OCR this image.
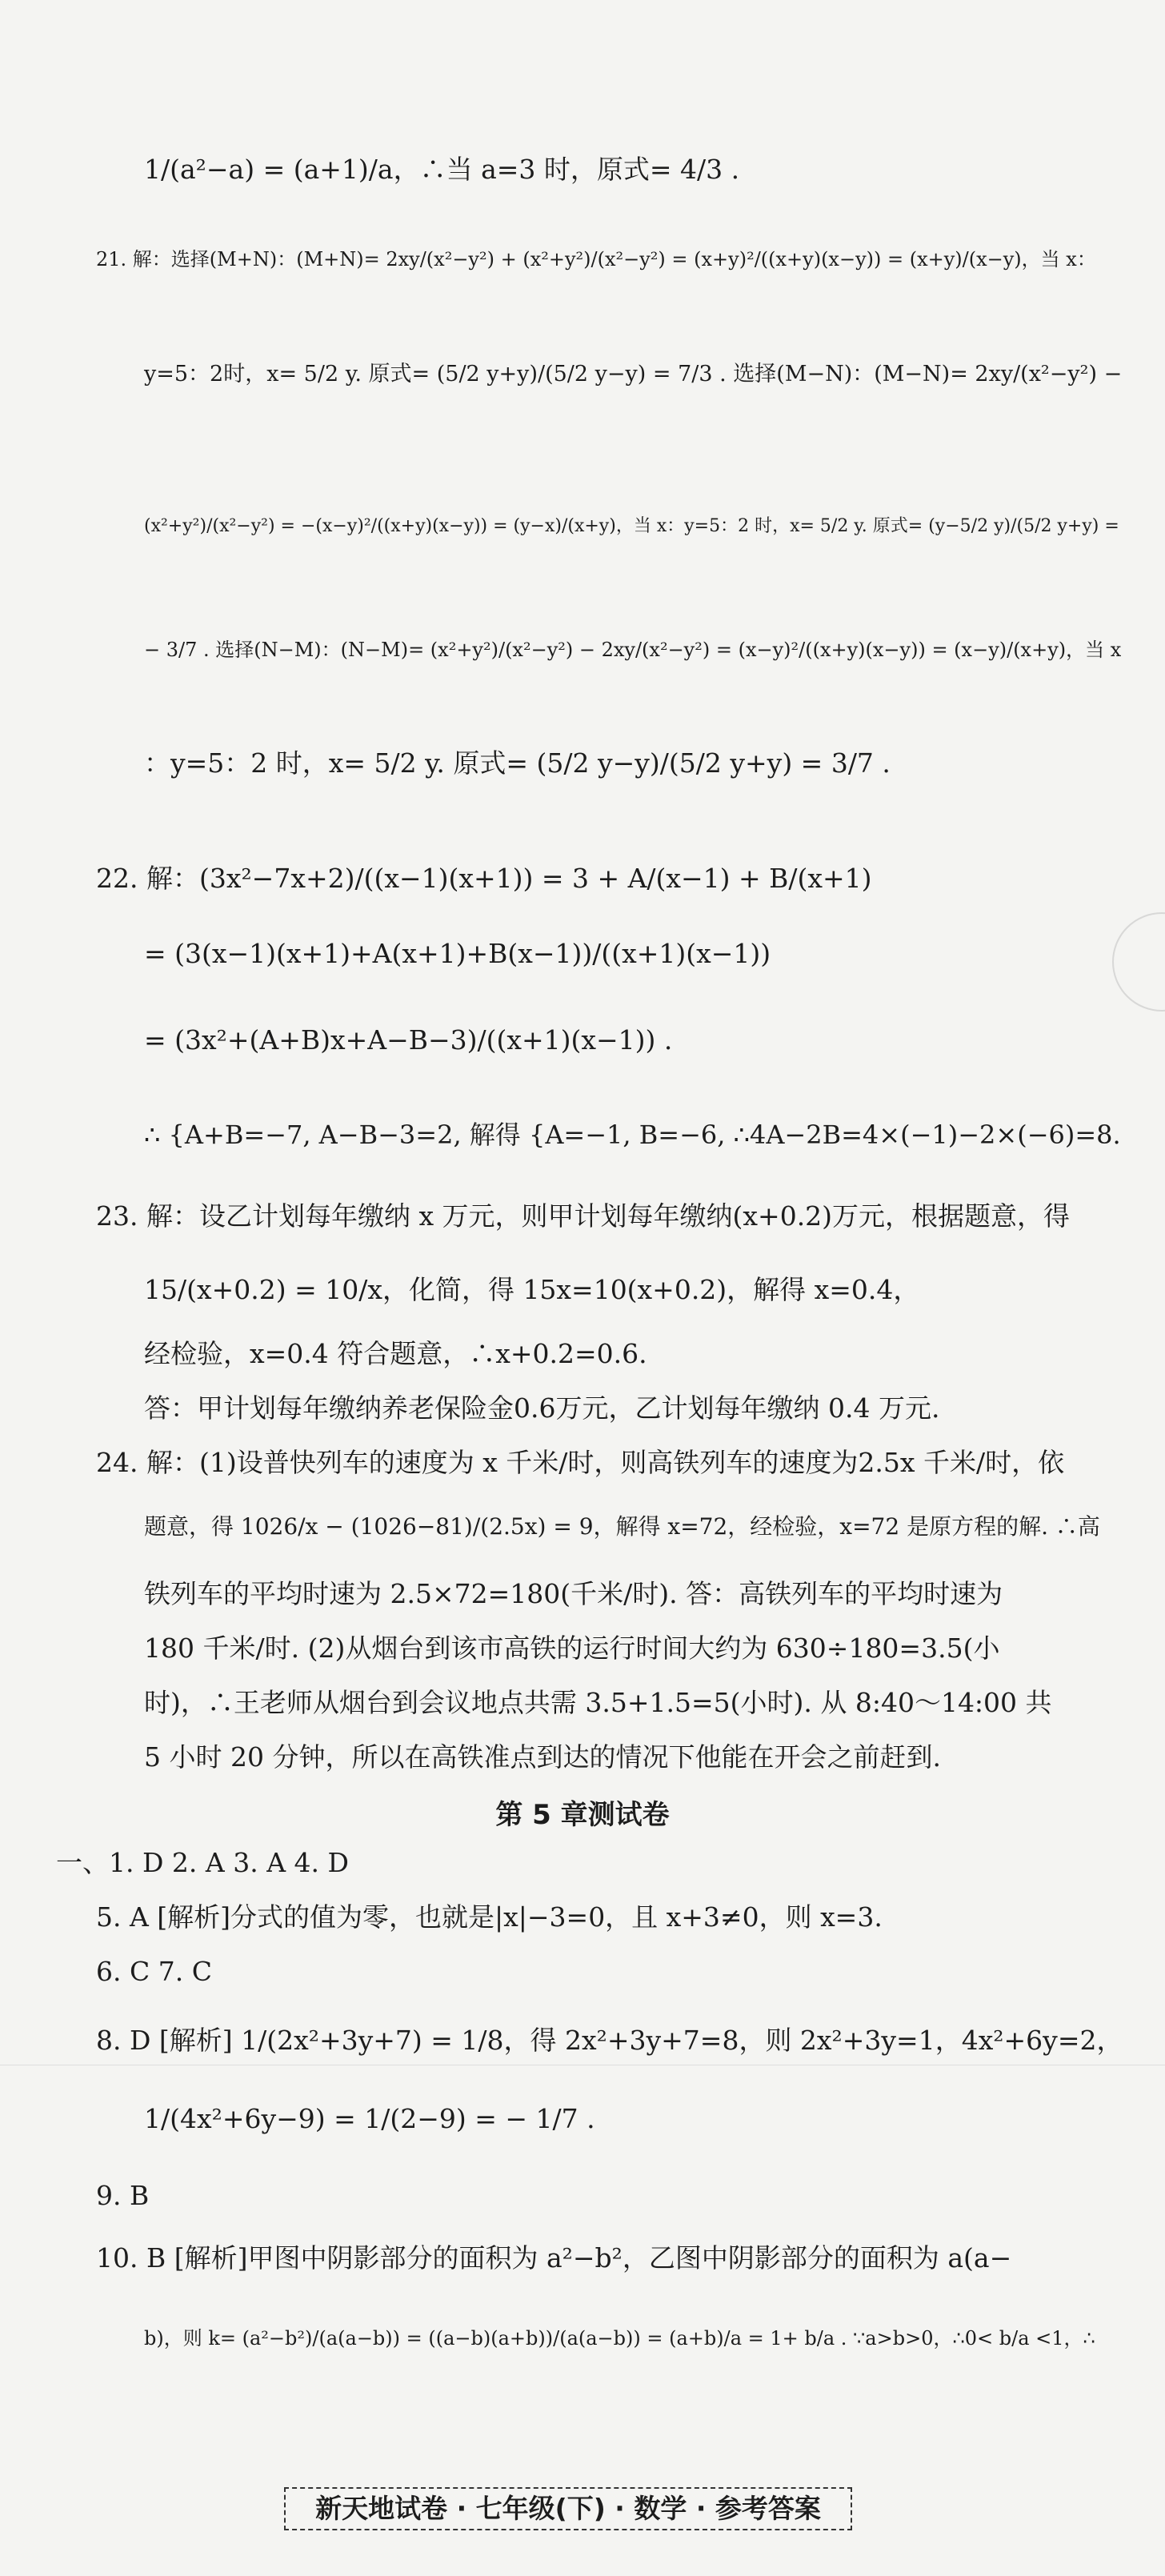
1/(a²−a) = (a+1)/a，∴当 a=3 时，原式= 4/3 .
21. 解：选择(M+N)：(M+N)= 2xy/(x²−y²) + (x²+y²)/(x²−y²) = (x+y)²/((x+y)(x−y)) = (x+y)/(x−y)，当 x：
y=5：2时，x= 5/2 y. 原式= (5/2 y+y)/(5/2 y−y) = 7/3 . 选择(M−N)：(M−N)= 2xy/(x²−y²) −
(x²+y²)/(x²−y²) = −(x−y)²/((x+y)(x−y)) = (y−x)/(x+y)，当 x：y=5：2 时，x= 5/2 y. 原式= (y−5/2 y)/(5/2 y+y) =
− 3/7 . 选择(N−M)：(N−M)= (x²+y²)/(x²−y²) − 2xy/(x²−y²) = (x−y)²/((x+y)(x−y)) = (x−y)/(x+y)，当 x
：y=5：2 时，x= 5/2 y. 原式= (5/2 y−y)/(5/2 y+y) = 3/7 .
22. 解：(3x²−7x+2)/((x−1)(x+1)) = 3 + A/(x−1) + B/(x+1)
= (3(x−1)(x+1)+A(x+1)+B(x−1))/((x+1)(x−1))
= (3x²+(A+B)x+A−B−3)/((x+1)(x−1)) .
∴ {A+B=−7, A−B−3=2, 解得 {A=−1, B=−6, ∴4A−2B=4×(−1)−2×(−6)=8.
23. 解：设乙计划每年缴纳 x 万元，则甲计划每年缴纳(x+0.2)万元，根据题意，得
15/(x+0.2) = 10/x，化简，得 15x=10(x+0.2)，解得 x=0.4，
经检验，x=0.4 符合题意，∴x+0.2=0.6.
答：甲计划每年缴纳养老保险金0.6万元，乙计划每年缴纳 0.4 万元.
24. 解：(1)设普快列车的速度为 x 千米/时，则高铁列车的速度为2.5x 千米/时，依
题意，得 1026/x − (1026−81)/(2.5x) = 9，解得 x=72，经检验，x=72 是原方程的解. ∴高
铁列车的平均时速为 2.5×72=180(千米/时). 答：高铁列车的平均时速为
180 千米/时. (2)从烟台到该市高铁的运行时间大约为 630÷180=3.5(小
时)，∴王老师从烟台到会议地点共需 3.5+1.5=5(小时). 从 8:40～14:00 共
5 小时 20 分钟，所以在高铁准点到达的情况下他能在开会之前赶到.
第 5 章测试卷
一、1. D 2. A 3. A 4. D
5. A [解析]分式的值为零，也就是|x|−3=0，且 x+3≠0，则 x=3.
6. C 7. C
8. D [解析] 1/(2x²+3y+7) = 1/8，得 2x²+3y+7=8，则 2x²+3y=1，4x²+6y=2，
1/(4x²+6y−9) = 1/(2−9) = − 1/7 .
9. B
10. B [解析]甲图中阴影部分的面积为 a²−b²，乙图中阴影部分的面积为 a(a−
b)，则 k= (a²−b²)/(a(a−b)) = ((a−b)(a+b))/(a(a−b)) = (a+b)/a = 1+ b/a . ∵a>b>0，∴0< b/a <1，∴
新天地试卷 · 七年级(下) · 数学 · 参考答案
